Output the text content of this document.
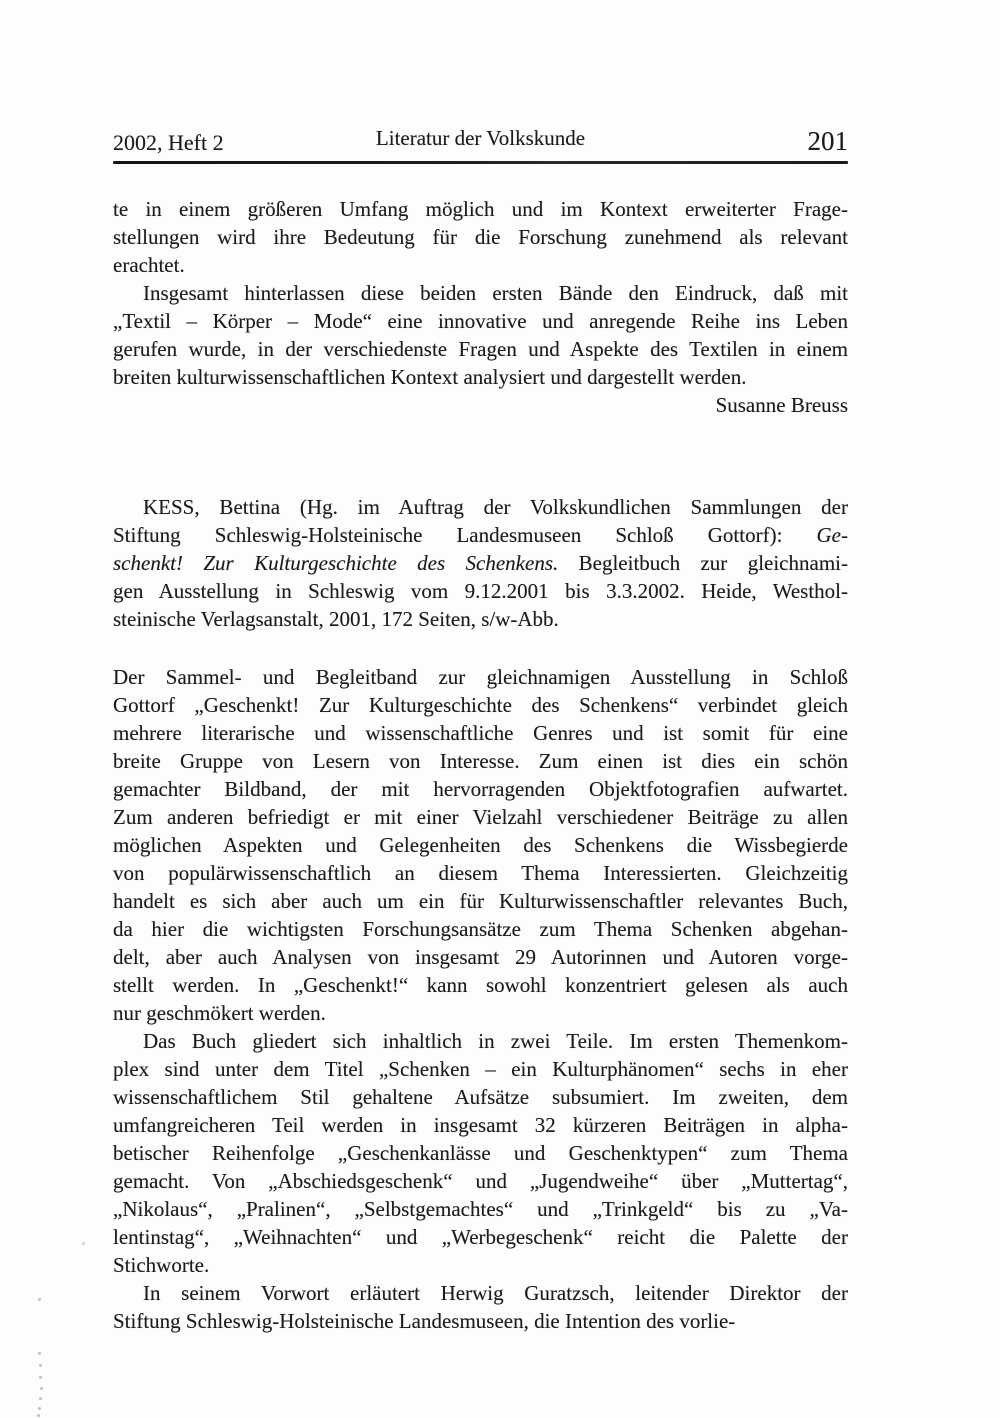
2002, Heft 2	Literatur der Volkskunde	201
te in einem größeren Umfang möglich und im Kontext erweiterter Frage-
stellungen wird ihre Bedeutung für die Forschung zunehmend als relevant
erachtet.
Insgesamt hinterlassen diese beiden ersten Bände den Eindruck, daß mit
„Textil – Körper – Mode“ eine innovative und anregende Reihe ins Leben
gerufen wurde, in der verschiedenste Fragen und Aspekte des Textilen in einem
breiten kulturwissenschaftlichen Kontext analysiert und dargestellt werden.
Susanne Breuss
KESS, Bettina (Hg. im Auftrag der Volkskundlichen Sammlungen der
Stiftung Schleswig-Holsteinische Landesmuseen Schloß Gottorf): Ge-
schenkt! Zur Kulturgeschichte des Schenkens. Begleitbuch zur gleichnami-
gen Ausstellung in Schleswig vom 9.12.2001 bis 3.3.2002. Heide, Westhol-
steinische Verlagsanstalt, 2001, 172 Seiten, s/w-Abb.
Der Sammel- und Begleitband zur gleichnamigen Ausstellung in Schloß
Gottorf „Geschenkt! Zur Kulturgeschichte des Schenkens“ verbindet gleich
mehrere literarische und wissenschaftliche Genres und ist somit für eine
breite Gruppe von Lesern von Interesse. Zum einen ist dies ein schön
gemachter Bildband, der mit hervorragenden Objektfotografien aufwartet.
Zum anderen befriedigt er mit einer Vielzahl verschiedener Beiträge zu allen
möglichen Aspekten und Gelegenheiten des Schenkens die Wissbegierde
von populärwissenschaftlich an diesem Thema Interessierten. Gleichzeitig
handelt es sich aber auch um ein für Kulturwissenschaftler relevantes Buch,
da hier die wichtigsten Forschungsansätze zum Thema Schenken abgehan-
delt, aber auch Analysen von insgesamt 29 Autorinnen und Autoren vorge-
stellt werden. In „Geschenkt!“ kann sowohl konzentriert gelesen als auch
nur geschmökert werden.
Das Buch gliedert sich inhaltlich in zwei Teile. Im ersten Themenkom-
plex sind unter dem Titel „Schenken – ein Kulturphänomen“ sechs in eher
wissenschaftlichem Stil gehaltene Aufsätze subsumiert. Im zweiten, dem
umfangreicheren Teil werden in insgesamt 32 kürzeren Beiträgen in alpha-
betischer Reihenfolge „Geschenkanlässe und Geschenktypen“ zum Thema
gemacht. Von „Abschiedsgeschenk“ und „Jugendweihe“ über „Muttertag“,
„Nikolaus“, „Pralinen“, „Selbstgemachtes“ und „Trinkgeld“ bis zu „Va-
lentinstag“, „Weihnachten“ und „Werbegeschenk“ reicht die Palette der
Stichworte.
In seinem Vorwort erläutert Herwig Guratzsch, leitender Direktor der
Stiftung Schleswig-Holsteinische Landesmuseen, die Intention des vorlie-
